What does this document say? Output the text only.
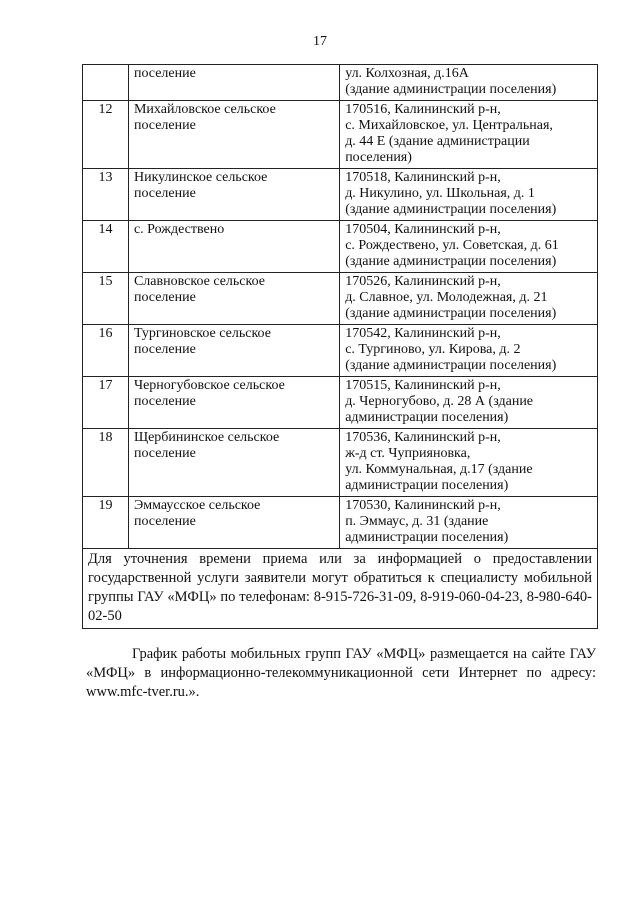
17

	поселение	ул. Колхозная, д.16А
(здание администрации поселения)

12	Михайловское сельское
поселение	170516, Калининский р-н,
с. Михайловское, ул. Центральная,
д. 44 Е (здание администрации
поселения)

13	Никулинское сельское
поселение	170518, Калининский р-н,
д. Никулино, ул. Школьная, д. 1
(здание администрации поселения)

14	с. Рождествено	170504, Калининский р-н,
с. Рождествено, ул. Советская, д. 61
(здание администрации поселения)

15	Славновское сельское
поселение	170526, Калининский р-н,
д. Славное, ул. Молодежная, д. 21
(здание администрации поселения)

16	Тургиновское сельское
поселение	170542, Калининский р-н,
с. Тургиново, ул. Кирова, д. 2
(здание администрации поселения)

17	Черногубовское сельское
поселение	170515, Калининский р-н,
д. Черногубово, д. 28 А (здание
администрации поселения)

18	Щербининское сельское
поселение	170536, Калининский р-н,
ж-д ст. Чуприяновка,
ул. Коммунальная, д.17 (здание
администрации поселения)

19	Эммаусское сельское
поселение	170530, Калининский р-н,
п. Эммаус, д. 31 (здание
администрации поселения)

Для уточнения времени приема или за информацией о предоставлении государственной услуги заявители могут обратиться к специалисту мобильной группы ГАУ «МФЦ» по телефонам: 8-915-726-31-09, 8-919-060-04-23, 8-980-640-02-50		
График работы мобильных групп ГАУ «МФЦ» размещается на сайте ГАУ «МФЦ» в информационно-телекоммуникационной сети Интернет по адресу: www.mfc-tver.ru.».
